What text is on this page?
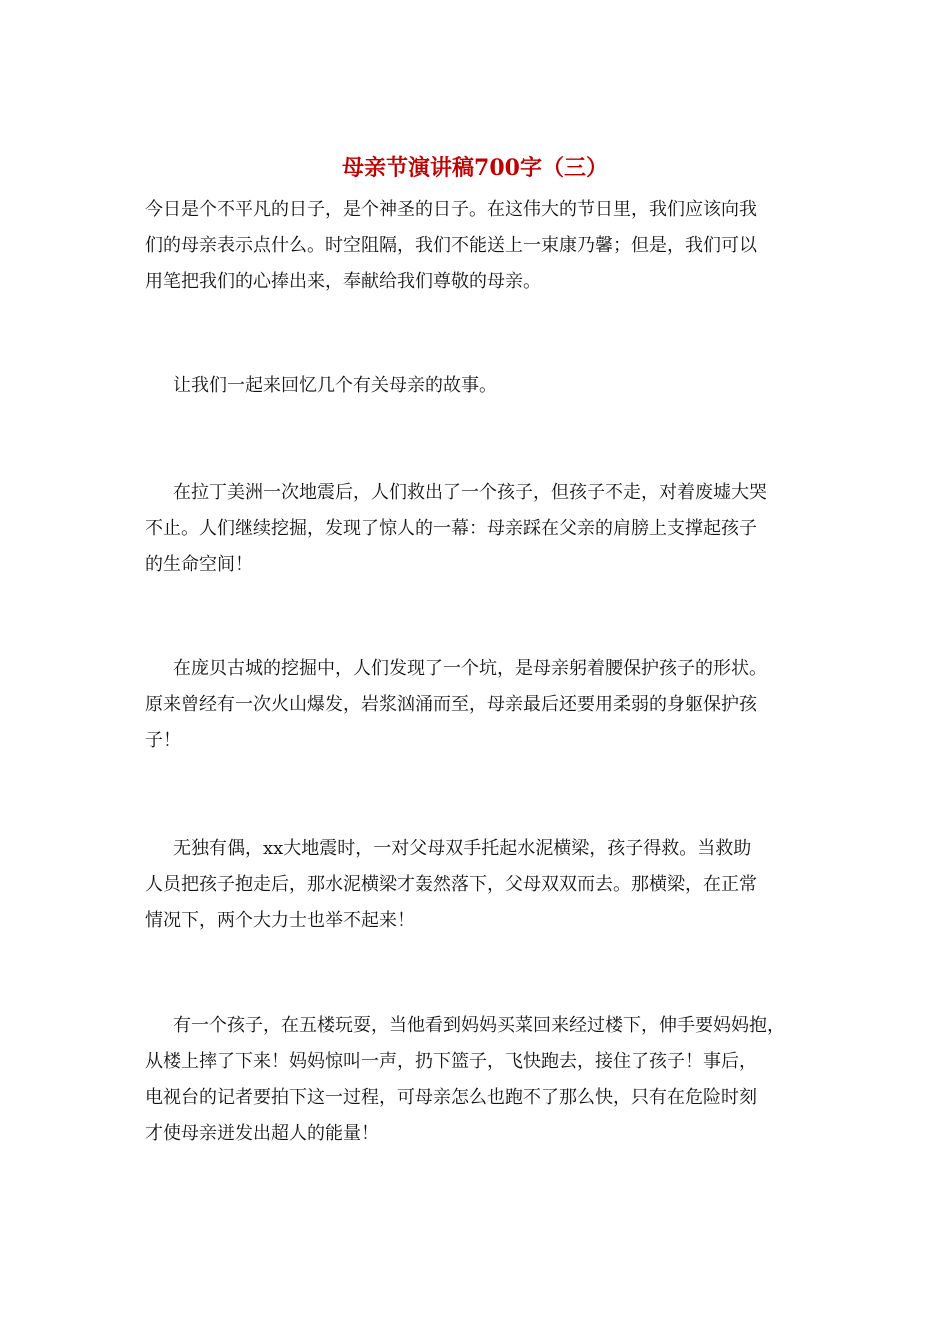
母亲节演讲稿700字（三）

今日是个不平凡的日子，是个神圣的日子。在这伟大的节日里，我们应该向我
们的母亲表示点什么。时空阻隔，我们不能送上一束康乃馨；但是，我们可以
用笔把我们的心捧出来，奉献给我们尊敬的母亲。

让我们一起来回忆几个有关母亲的故事。

在拉丁美洲一次地震后，人们救出了一个孩子，但孩子不走，对着废墟大哭
不止。人们继续挖掘，发现了惊人的一幕：母亲踩在父亲的肩膀上支撑起孩子
的生命空间！

在庞贝古城的挖掘中，人们发现了一个坑，是母亲躬着腰保护孩子的形状。
原来曾经有一次火山爆发，岩浆汹涌而至，母亲最后还要用柔弱的身躯保护孩
子！

无独有偶，xx大地震时，一对父母双手托起水泥横梁，孩子得救。当救助
人员把孩子抱走后，那水泥横梁才轰然落下，父母双双而去。那横梁，在正常
情况下，两个大力士也举不起来！

有一个孩子，在五楼玩耍，当他看到妈妈买菜回来经过楼下，伸手要妈妈抱，
从楼上摔了下来！妈妈惊叫一声，扔下篮子，飞快跑去，接住了孩子！事后，
电视台的记者要拍下这一过程，可母亲怎么也跑不了那么快，只有在危险时刻
才使母亲迸发出超人的能量！
